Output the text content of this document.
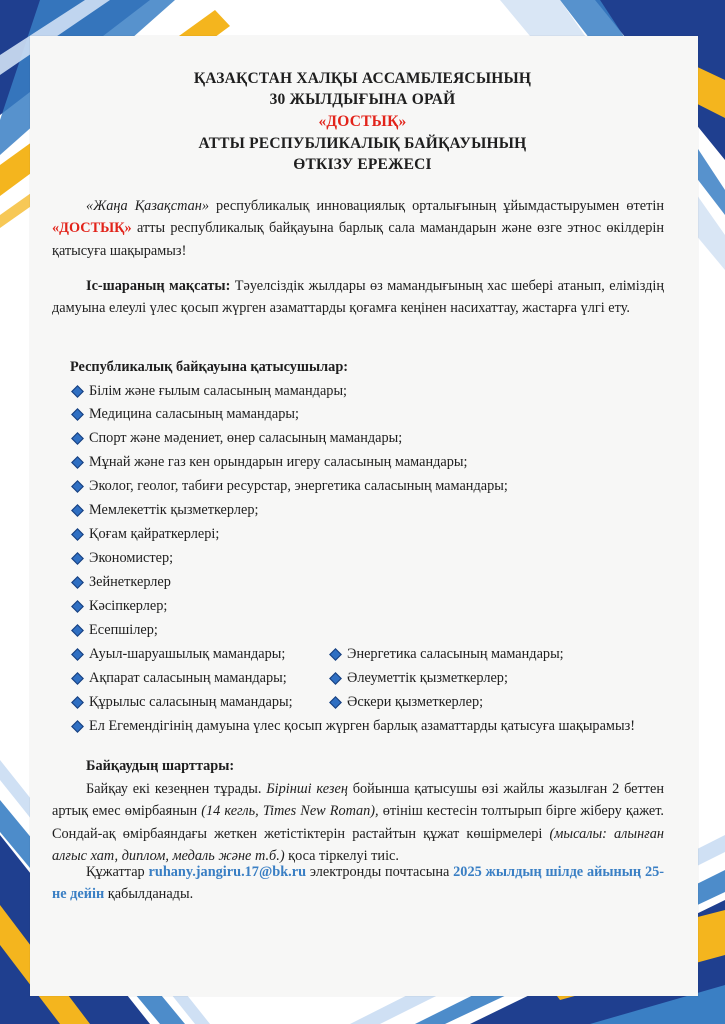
ҚАЗАҚСТАН ХАЛҚЫ АССАМБЛЕЯСЫНЫҢ
30 ЖЫЛДЫҒЫНА ОРАЙ
«ДОСТЫҚ»
АТТЫ РЕСПУБЛИКАЛЫҚ БАЙҚАУЫНЫҢ
ӨТКІЗУ ЕРЕЖЕСІ
«Жаңа Қазақстан» республикалық инновациялық орталығының ұйымдастыруымен өтетін «ДОСТЫҚ» атты республикалық байқауына барлық сала мамандарын және өзге этнос өкілдерін қатысуға шақырамыз!
Іс-шараның мақсаты: Тәуелсіздік жылдары өз мамандығының хас шебері атанып, еліміздің дамуына елеулі үлес қосып жүрген азаматтарды қоғамға кеңінен насихаттау, жастарға үлгі ету.
Республикалық байқауына қатысушылар:
Білім және ғылым саласының мамандары;
Медицина саласының мамандары;
Спорт және мәдениет, өнер саласының мамандары;
Мұнай және газ кен орындарын игеру саласының мамандары;
Эколог, геолог, табиғи ресурстар, энергетика саласының мамандары;
Мемлекеттік қызметкерлер;
Қоғам қайраткерлері;
Экономистер;
Зейнеткерлер
Кәсіпкерлер;
Есепшілер;
Ауыл-шаруашылық мамандары;
Ақпарат саласының мамандары;
Құрылыс саласының мамандары;
Энергетика саласының мамандары;
Әлеуметтік қызметкерлер;
Әскери қызметкерлер;
Ел Егемендігінің дамуына үлес қосып жүрген барлық азаматтарды қатысуға шақырамыз!
Байқаудың шарттары:
Байқау екі кезеңнен тұрады. Бірінші кезең бойынша қатысушы өзі жайлы жазылған 2 беттен артық емес өмірбаянын (14 кегль, Times New Roman), өтініш кестесін толтырып бірге жіберу қажет. Сондай-ақ өмірбаяндағы жеткен жетістіктерін растайтын құжат көшірмелері (мысалы: алынған алғыс хат, диплом, медаль және т.б.) қоса тіркелуі тиіс.
Құжаттар ruhany.jangiru.17@bk.ru электронды почтасына 2025 жылдың шілде айының 25-не дейін қабылданады.
